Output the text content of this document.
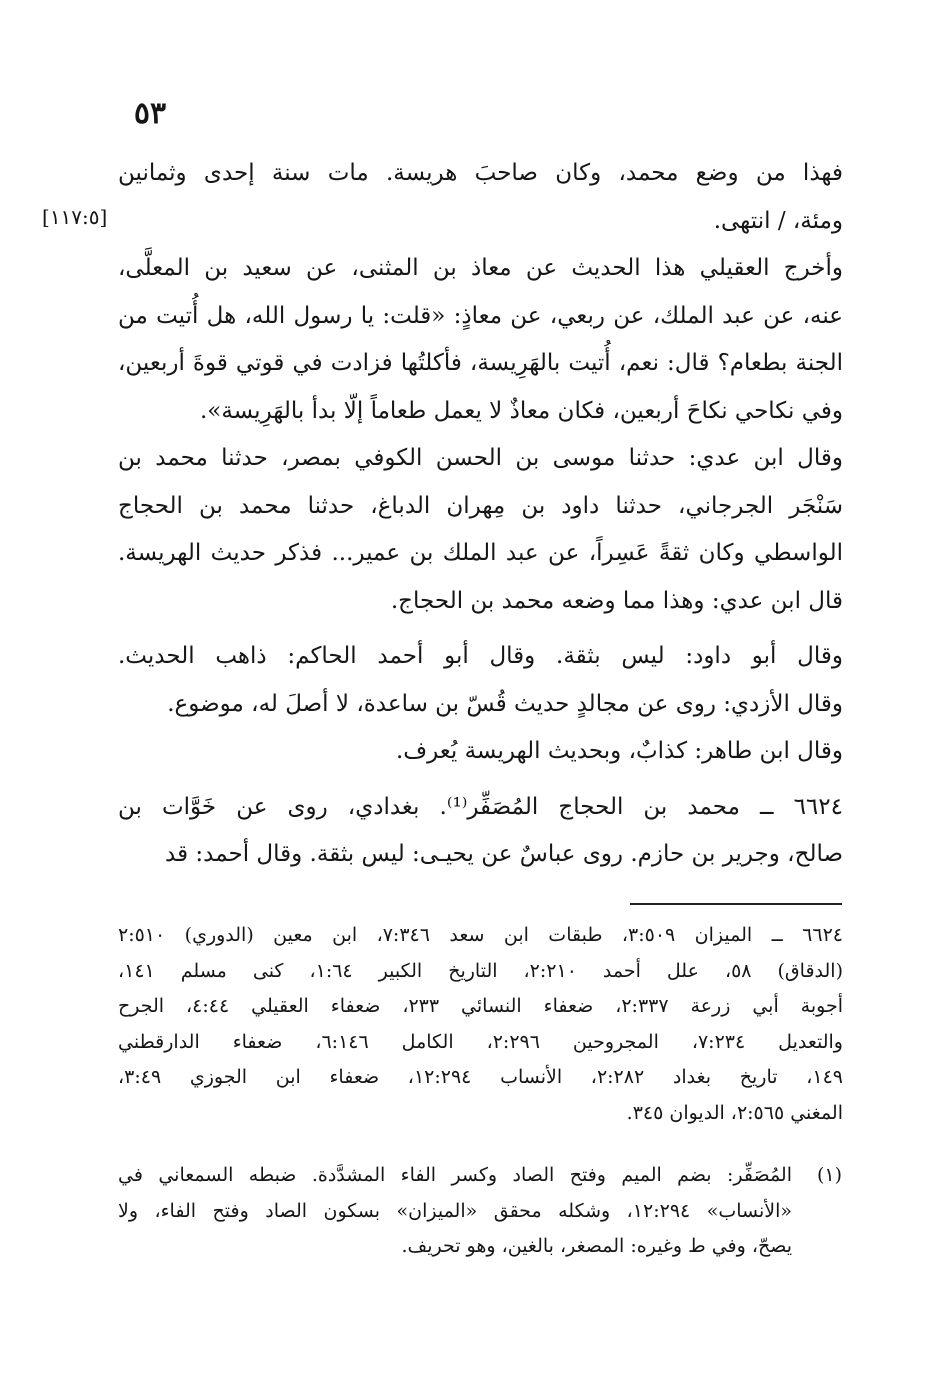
٥٣
[١١٧:٥]
فهذا من وضع محمد، وكان صاحبَ هريسة. مات سنة إحدى وثمانين
ومئة، / انتهى.
وأخرج العقيلي هذا الحديث عن معاذ بن المثنى، عن سعيد بن المعلَّى،
عنه، عن عبد الملك، عن ربعي، عن معاذٍ: «قلت: يا رسول الله، هل أُتيت من
الجنة بطعام؟ قال: نعم، أُتيت بالهَرِيسة، فأكلتُها فزادت في قوتي قوةَ أربعين،
وفي نكاحي نكاحَ أربعين، فكان معاذٌ لا يعمل طعاماً إلّا بدأ بالهَرِيسة».
وقال ابن عدي: حدثنا موسى بن الحسن الكوفي بمصر، حدثنا محمد بن
سَنْجَر الجرجاني، حدثنا داود بن مِهران الدباغ، حدثنا محمد بن الحجاج
الواسطي وكان ثقةً عَسِراً، عن عبد الملك بن عمير... فذكر حديث الهريسة.
قال ابن عدي: وهذا مما وضعه محمد بن الحجاج.
وقال أبو داود: ليس بثقة. وقال أبو أحمد الحاكم: ذاهب الحديث.
وقال الأزدي: روى عن مجالدٍ حديث قُسّ بن ساعدة، لا أصلَ له، موضوع.
وقال ابن طاهر: كذابٌ، وبحديث الهريسة يُعرف.
٦٦٢٤ ــ محمد بن الحجاج المُصَفِّر⁽¹⁾. بغدادي، روى عن خَوَّات بن
صالح، وجرير بن حازم. روى عباسٌ عن يحيـى: ليس بثقة. وقال أحمد: قد
٦٦٢٤ ــ الميزان ٣:٥٠٩، طبقات ابن سعد ٧:٣٤٦، ابن معين (الدوري) ٢:٥١٠
(الدقاق) ٥٨، علل أحمد ٢:٢١٠، التاريخ الكبير ١:٦٤، كنى مسلم ١٤١،
أجوبة أبي زرعة ٢:٣٣٧، ضعفاء النسائي ٢٣٣، ضعفاء العقيلي ٤:٤٤، الجرح
والتعديل ٧:٢٣٤، المجروحين ٢:٢٩٦، الكامل ٦:١٤٦، ضعفاء الدارقطني
١٤٩، تاريخ بغداد ٢:٢٨٢، الأنساب ١٢:٢٩٤، ضعفاء ابن الجوزي ٣:٤٩،
المغني ٢:٥٦٥، الديوان ٣٤٥.
(١)
المُصَفِّر: بضم الميم وفتح الصاد وكسر الفاء المشدَّدة. ضبطه السمعاني في
«الأنساب» ١٢:٢٩٤، وشكله محقق «الميزان» بسكون الصاد وفتح الفاء، ولا
يصحّ، وفي ط وغيره: المصغر، بالغين، وهو تحريف.
